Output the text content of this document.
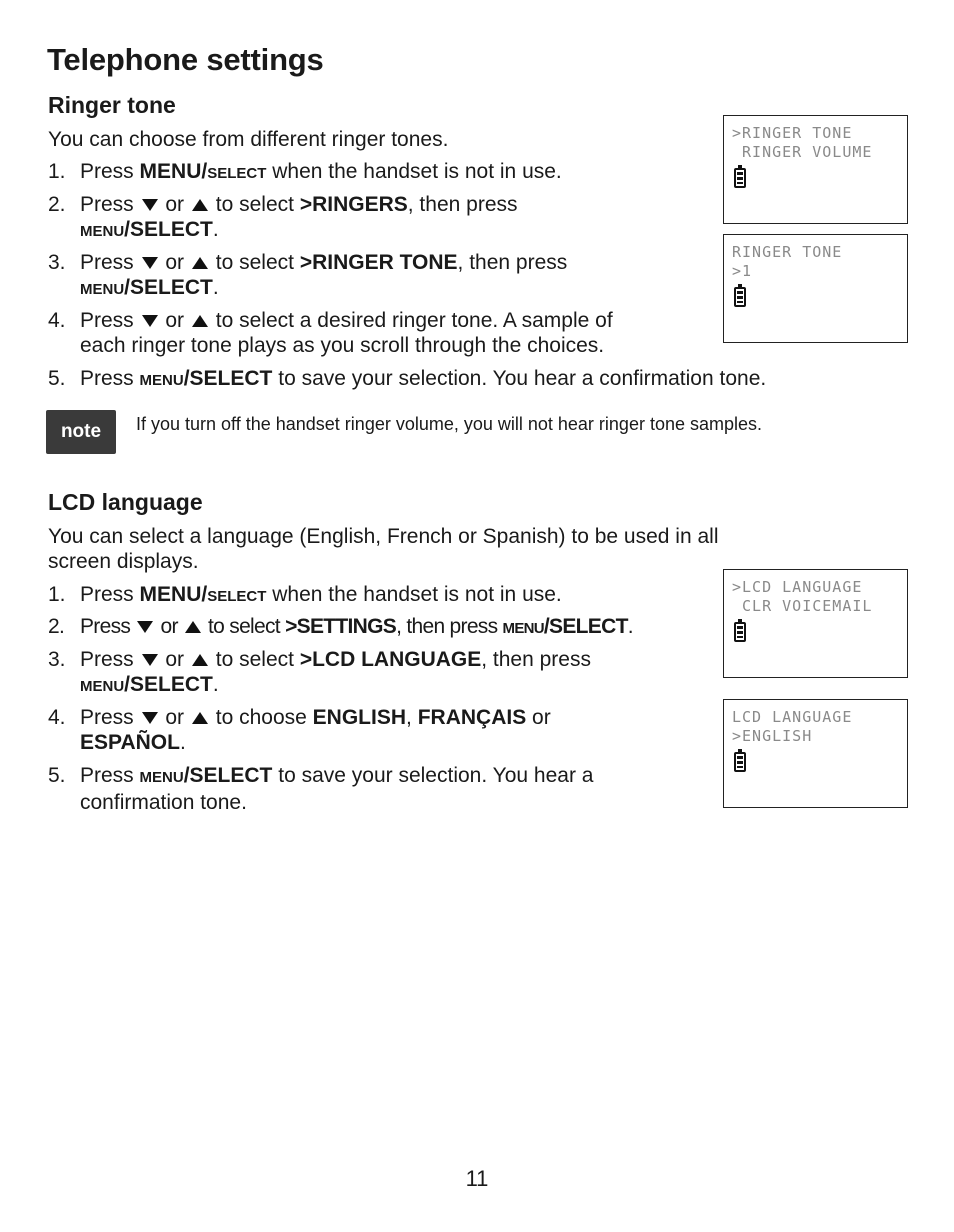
Telephone settings
Ringer tone
You can choose from different ringer tones.
1. Press MENU/SELECT when the handset is not in use.
2. Press or to select >RINGERS, then press
MENU/SELECT.
3. Press or to select >RINGER TONE, then press
MENU/SELECT.
4. Press or to select a desired ringer tone. A sample of
each ringer tone plays as you scroll through the choices.
5. Press MENU/SELECT to save your selection. You hear a confirmation tone.
>RINGER TONE
RINGER VOLUME
RINGER TONE
>1
note	If you turn off the handset ringer volume, you will not hear ringer tone samples.
LCD language
You can select a language (English, French or Spanish) to be used in all
screen displays.
1. Press MENU/SELECT when the handset is not in use.
2. Press or to select >SETTINGS, then press MENU/SELECT.
3. Press or to select >LCD LANGUAGE, then press
MENU/SELECT.
4. Press or to choose ENGLISH, FRANÇAIS or
ESPAÑOL.
5. Press MENU/SELECT to save your selection. You hear a
confirmation tone.
>LCD LANGUAGE
CLR VOICEMAIL
LCD LANGUAGE
>ENGLISH
11
